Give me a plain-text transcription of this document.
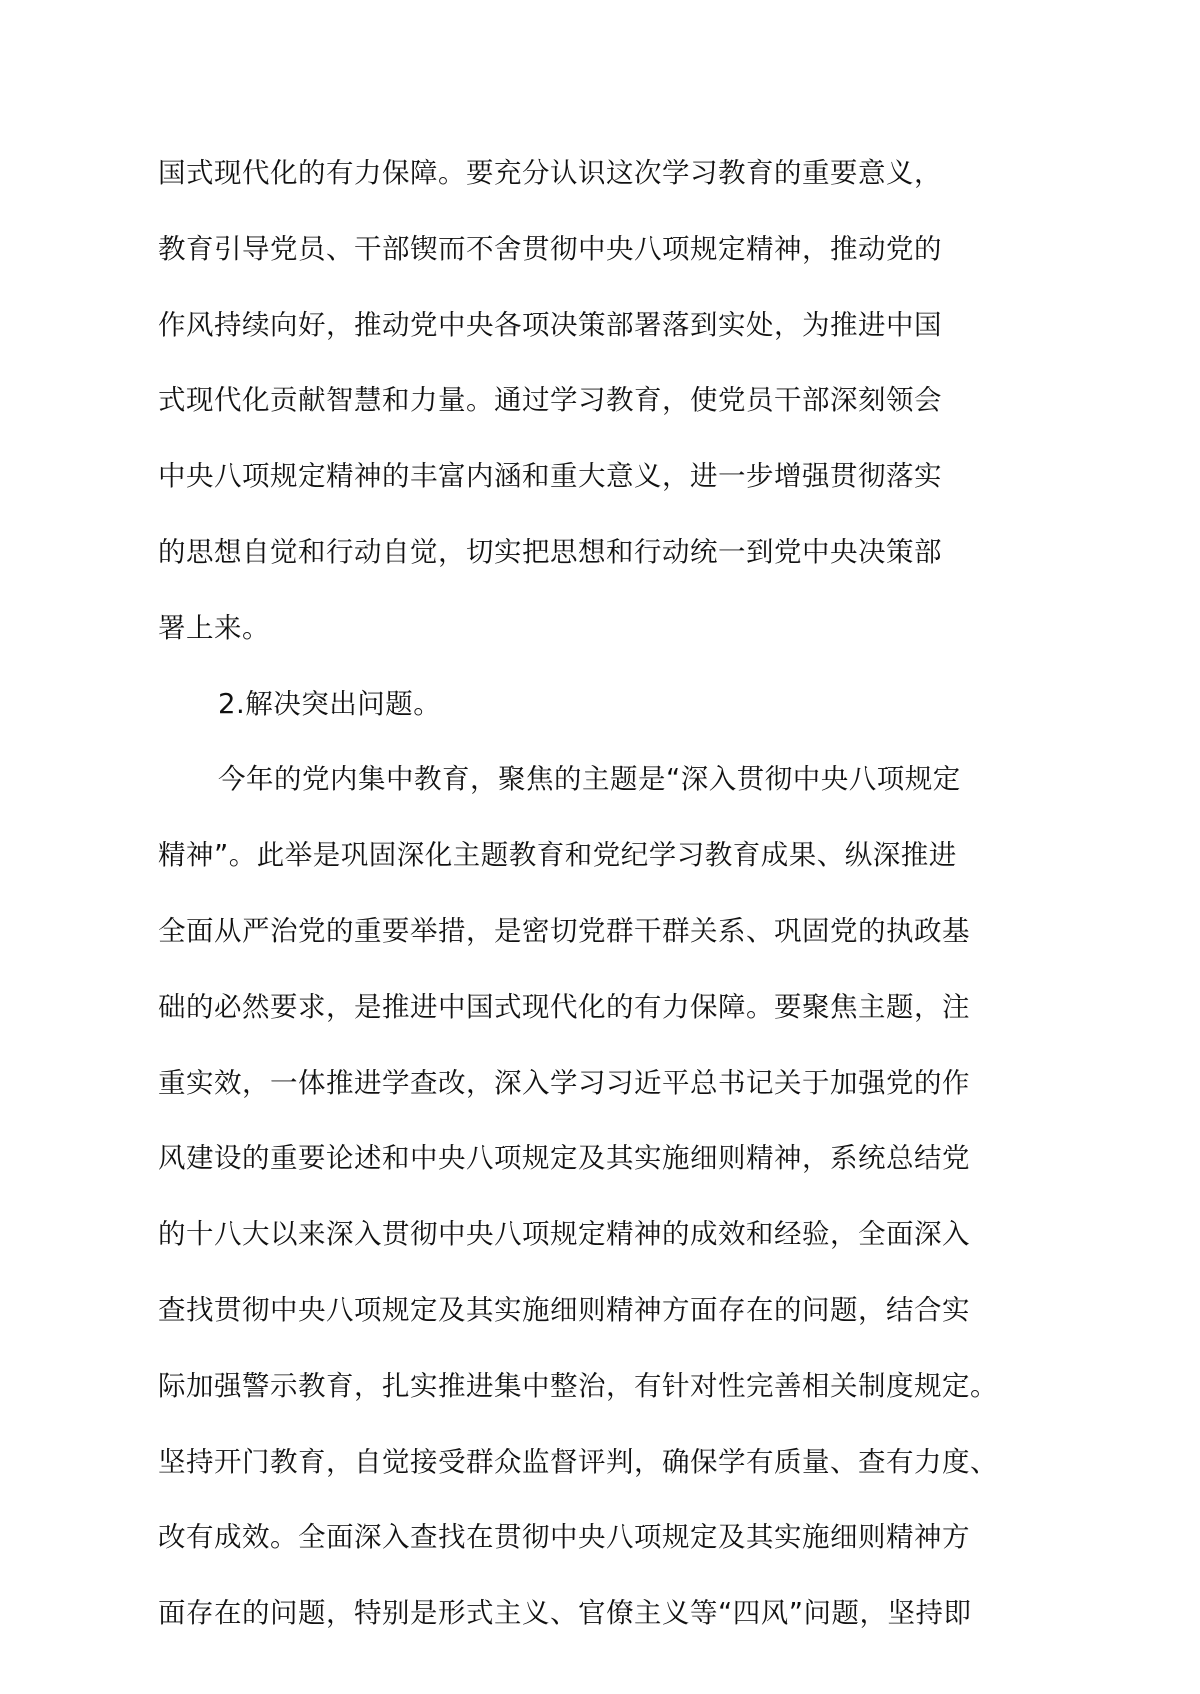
国式现代化的有力保障。要充分认识这次学习教育的重要意义，
教育引导党员、干部锲而不舍贯彻中央八项规定精神，推动党的
作风持续向好，推动党中央各项决策部署落到实处，为推进中国
式现代化贡献智慧和力量。通过学习教育，使党员干部深刻领会
中央八项规定精神的丰富内涵和重大意义，进一步增强贯彻落实
的思想自觉和行动自觉，切实把思想和行动统一到党中央决策部
署上来。
2.解决突出问题。
今年的党内集中教育，聚焦的主题是“深入贯彻中央八项规定
精神”。此举是巩固深化主题教育和党纪学习教育成果、纵深推进
全面从严治党的重要举措，是密切党群干群关系、巩固党的执政基
础的必然要求，是推进中国式现代化的有力保障。要聚焦主题，注
重实效，一体推进学查改，深入学习习近平总书记关于加强党的作
风建设的重要论述和中央八项规定及其实施细则精神，系统总结党
的十八大以来深入贯彻中央八项规定精神的成效和经验，全面深入
查找贯彻中央八项规定及其实施细则精神方面存在的问题，结合实
际加强警示教育，扎实推进集中整治，有针对性完善相关制度规定。
坚持开门教育，自觉接受群众监督评判，确保学有质量、查有力度、
改有成效。全面深入查找在贯彻中央八项规定及其实施细则精神方
面存在的问题，特别是形式主义、官僚主义等“四风”问题，坚持即
